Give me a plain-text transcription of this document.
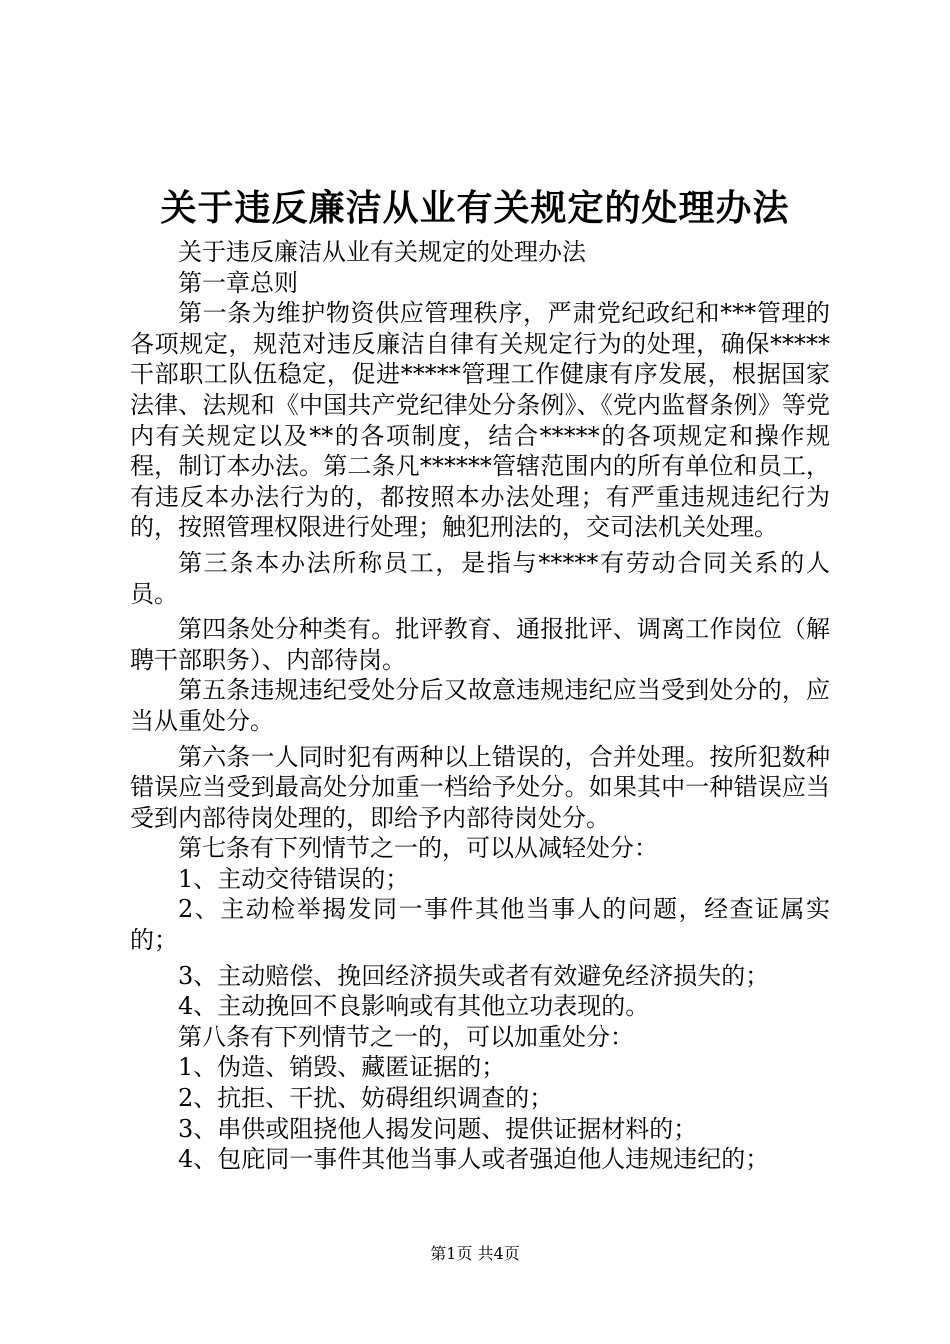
关于违反廉洁从业有关规定的处理办法

关于违反廉洁从业有关规定的处理办法

第一章总则

第一条为维护物资供应管理秩序，严肃党纪政纪和***管理的各项规定，规范对违反廉洁自律有关规定行为的处理，确保*****干部职工队伍稳定，促进*****管理工作健康有序发展，根据国家法律、法规和《中国共产党纪律处分条例》、《党内监督条例》等党内有关规定以及**的各项制度，结合*****的各项规定和操作规程，制订本办法。第二条凡******管辖范围内的所有单位和员工，有违反本办法行为的，都按照本办法处理；有严重违规违纪行为的，按照管理权限进行处理；触犯刑法的，交司法机关处理。

第三条本办法所称员工，是指与*****有劳动合同关系的人员。

第四条处分种类有。批评教育、通报批评、调离工作岗位（解聘干部职务）、内部待岗。

第五条违规违纪受处分后又故意违规违纪应当受到处分的，应当从重处分。

第六条一人同时犯有两种以上错误的，合并处理。按所犯数种错误应当受到最高处分加重一档给予处分。如果其中一种错误应当受到内部待岗处理的，即给予内部待岗处分。

第七条有下列情节之一的，可以从减轻处分：

1、主动交待错误的；

2、主动检举揭发同一事件其他当事人的问题，经查证属实的；

3、主动赔偿、挽回经济损失或者有效避免经济损失的；

4、主动挽回不良影响或有其他立功表现的。

第八条有下列情节之一的，可以加重处分：

1、伪造、销毁、藏匿证据的；

2、抗拒、干扰、妨碍组织调查的；

3、串供或阻挠他人揭发问题、提供证据材料的；

4、包庇同一事件其他当事人或者强迫他人违规违纪的；

第1页 共4页
